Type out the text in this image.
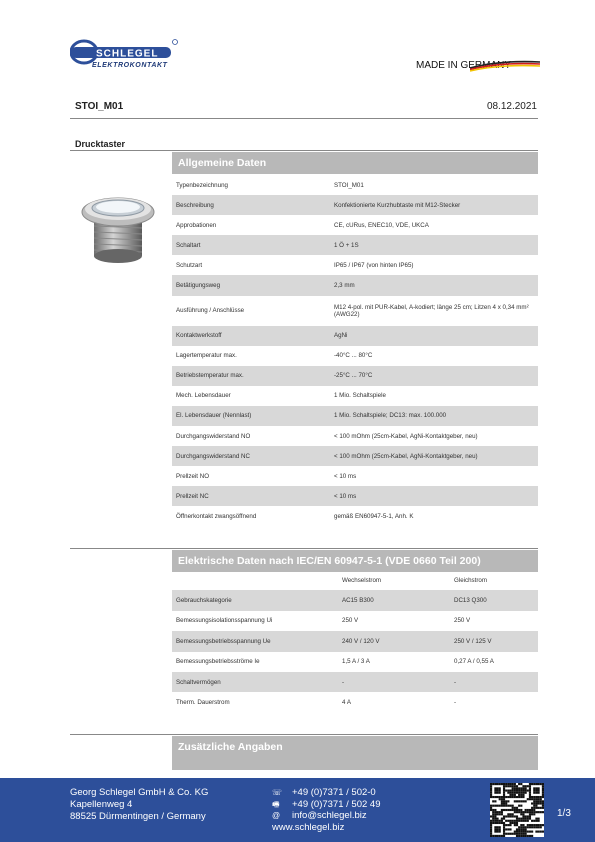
SCHLEGEL
ELEKTROKONTAKT	MADE IN GERMANY
STOI_M01	08.12.2021
Drucktaster
Allgemeine Daten
Typenbezeichnung	STOI_M01
Beschreibung	Konfektionierte Kurzhubtaste mit M12-Stecker
Approbationen	CE, cURus, ENEC10, VDE, UKCA
Schaltart	1 Ö + 1S
Schutzart	IP65 / IP67 (von hinten IP65)
Betätigungsweg	2,3 mm
Ausführung / Anschlüsse	M12 4-pol. mit PUR-Kabel, A-kodiert; länge 25 cm; Litzen 4 x 0,34 mm² (AWG22)
Kontaktwerkstoff	AgNi
Lagertemperatur max.	-40°C ... 80°C
Betriebstemperatur max.	-25°C ... 70°C
Mech. Lebensdauer	1 Mio. Schaltspiele
El. Lebensdauer (Nennlast)	1 Mio. Schaltspiele; DC13: max. 100.000
Durchgangswiderstand NO	< 100 mOhm (25cm-Kabel, AgNi-Kontaktgeber, neu)
Durchgangswiderstand NC	< 100 mOhm (25cm-Kabel, AgNi-Kontaktgeber, neu)
Prellzeit NO	< 10 ms
Prellzeit NC	< 10 ms
Öffnerkontakt zwangsöffnend	gemäß EN60947-5-1, Anh. K
Elektrische Daten nach IEC/EN 60947-5-1 (VDE 0660 Teil 200)
	Wechselstrom	Gleichstrom
Gebrauchskategorie	AC15 B300	DC13 Q300
Bemessungsisolationsspannung Ui	250 V	250 V
Bemessungsbetriebsspannung Ue	240 V / 120 V	250 V / 125 V
Bemessungsbetriebsströme Ie	1,5 A / 3 A	0,27 A / 0,55 A
Schaltvermögen	-	-
Therm. Dauerstrom	4 A	-
Zusätzliche Angaben
Georg Schlegel GmbH & Co. KG
Kapellenweg 4
88525 Dürmentingen / Germany
☏	+49 (0)7371 / 502-0
🖷	+49 (0)7371 / 502 49
@	info@schlegel.biz
www.schlegel.biz
1/3
